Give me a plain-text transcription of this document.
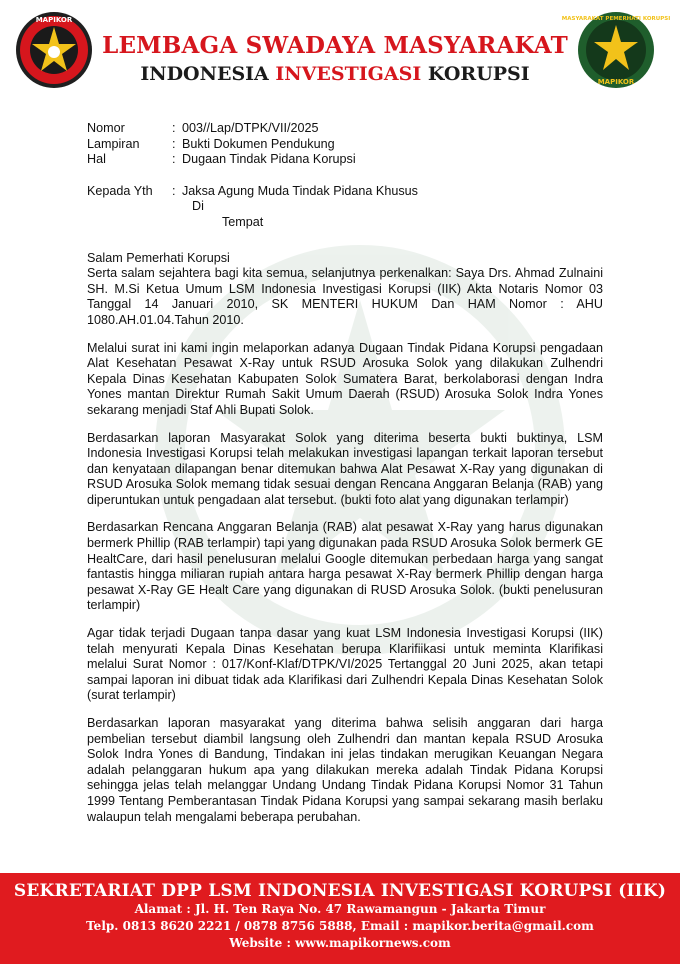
MAPIKOR
LEMBAGA SWADAYA MASYARAKAT
INDONESIA INVESTIGASI KORUPSI
MASYARAKAT PEMERHATI KORUPSI
MAPIKOR
Nomor	: 003//Lap/DTPK/VII/2025
Lampiran	: Bukti Dokumen Pendukung
Hal	: Dugaan Tindak Pidana Korupsi
Kepada Yth	: Jaksa Agung Muda Tindak Pidana Khusus
Di
Tempat
Salam Pemerhati Korupsi

Serta salam sejahtera bagi kita semua, selanjutnya perkenalkan: Saya Drs. Ahmad Zulnaini SH. M.Si Ketua Umum LSM Indonesia Investigasi Korupsi (IIK) Akta Notaris Nomor 03 Tanggal 14 Januari 2010, SK MENTERI HUKUM Dan HAM Nomor : AHU 1080.AH.01.04.Tahun 2010.

Melalui surat ini kami ingin melaporkan adanya Dugaan Tindak Pidana Korupsi pengadaan Alat Kesehatan Pesawat X-Ray untuk RSUD Arosuka Solok yang dilakukan Zulhendri Kepala Dinas Kesehatan Kabupaten Solok Sumatera Barat, berkolaborasi dengan Indra Yones mantan Direktur Rumah Sakit Umum Daerah (RSUD) Arosuka Solok Indra Yones sekarang menjadi Staf Ahli Bupati Solok.

Berdasarkan laporan Masyarakat Solok yang diterima beserta bukti buktinya, LSM Indonesia Investigasi Korupsi telah melakukan investigasi lapangan terkait laporan tersebut dan kenyataan dilapangan benar ditemukan bahwa Alat Pesawat X-Ray yang digunakan di RSUD Arosuka Solok memang tidak sesuai dengan Rencana Anggaran Belanja (RAB) yang diperuntukan untuk pengadaan alat tersebut. (bukti foto alat yang digunakan terlampir)

Berdasarkan Rencana Anggaran Belanja (RAB) alat pesawat X-Ray yang harus digunakan bermerk Phillip (RAB terlampir) tapi yang digunakan pada RSUD Arosuka Solok bermerk GE HealtCare, dari hasil penelusuran melalui Google ditemukan perbedaan harga yang sangat fantastis hingga miliaran rupiah antara harga pesawat X-Ray bermerk Phillip dengan harga pesawat X-Ray GE Healt Care yang digunakan di RUSD Arosuka Solok. (bukti penelusuran terlampir)

Agar tidak terjadi Dugaan tanpa dasar yang kuat LSM Indonesia Investigasi Korupsi (IIK) telah menyurati Kepala Dinas Kesehatan berupa Klarifiikasi untuk meminta Klarifikasi melalui Surat Nomor : 017/Konf-Klaf/DTPK/VI/2025 Tertanggal 20 Juni 2025, akan tetapi sampai laporan ini dibuat tidak ada Klarifikasi dari Zulhendri Kepala Dinas Kesehatan Solok (surat terlampir)

Berdasarkan laporan masyarakat yang diterima bahwa selisih anggaran dari harga pembelian tersebut diambil langsung oleh Zulhendri dan mantan kepala RSUD Arosuka Solok Indra Yones di Bandung, Tindakan ini jelas tindakan merugikan Keuangan Negara adalah pelanggaran hukum apa yang dilakukan mereka adalah Tindak Pidana Korupsi sehingga jelas telah melanggar Undang Undang Tindak Pidana Korupsi Nomor 31 Tahun 1999 Tentang Pemberantasan Tindak Pidana Korupsi yang sampai sekarang masih berlaku walaupun telah mengalami beberapa perubahan.

SEKRETARIAT DPP LSM INDONESIA INVESTIGASI KORUPSI (IIK)
Alamat : Jl. H. Ten Raya No. 47 Rawamangun - Jakarta Timur
Telp. 0813 8620 2221 / 0878 8756 5888, Email : mapikor.berita@gmail.com
Website : www.mapikornews.com
